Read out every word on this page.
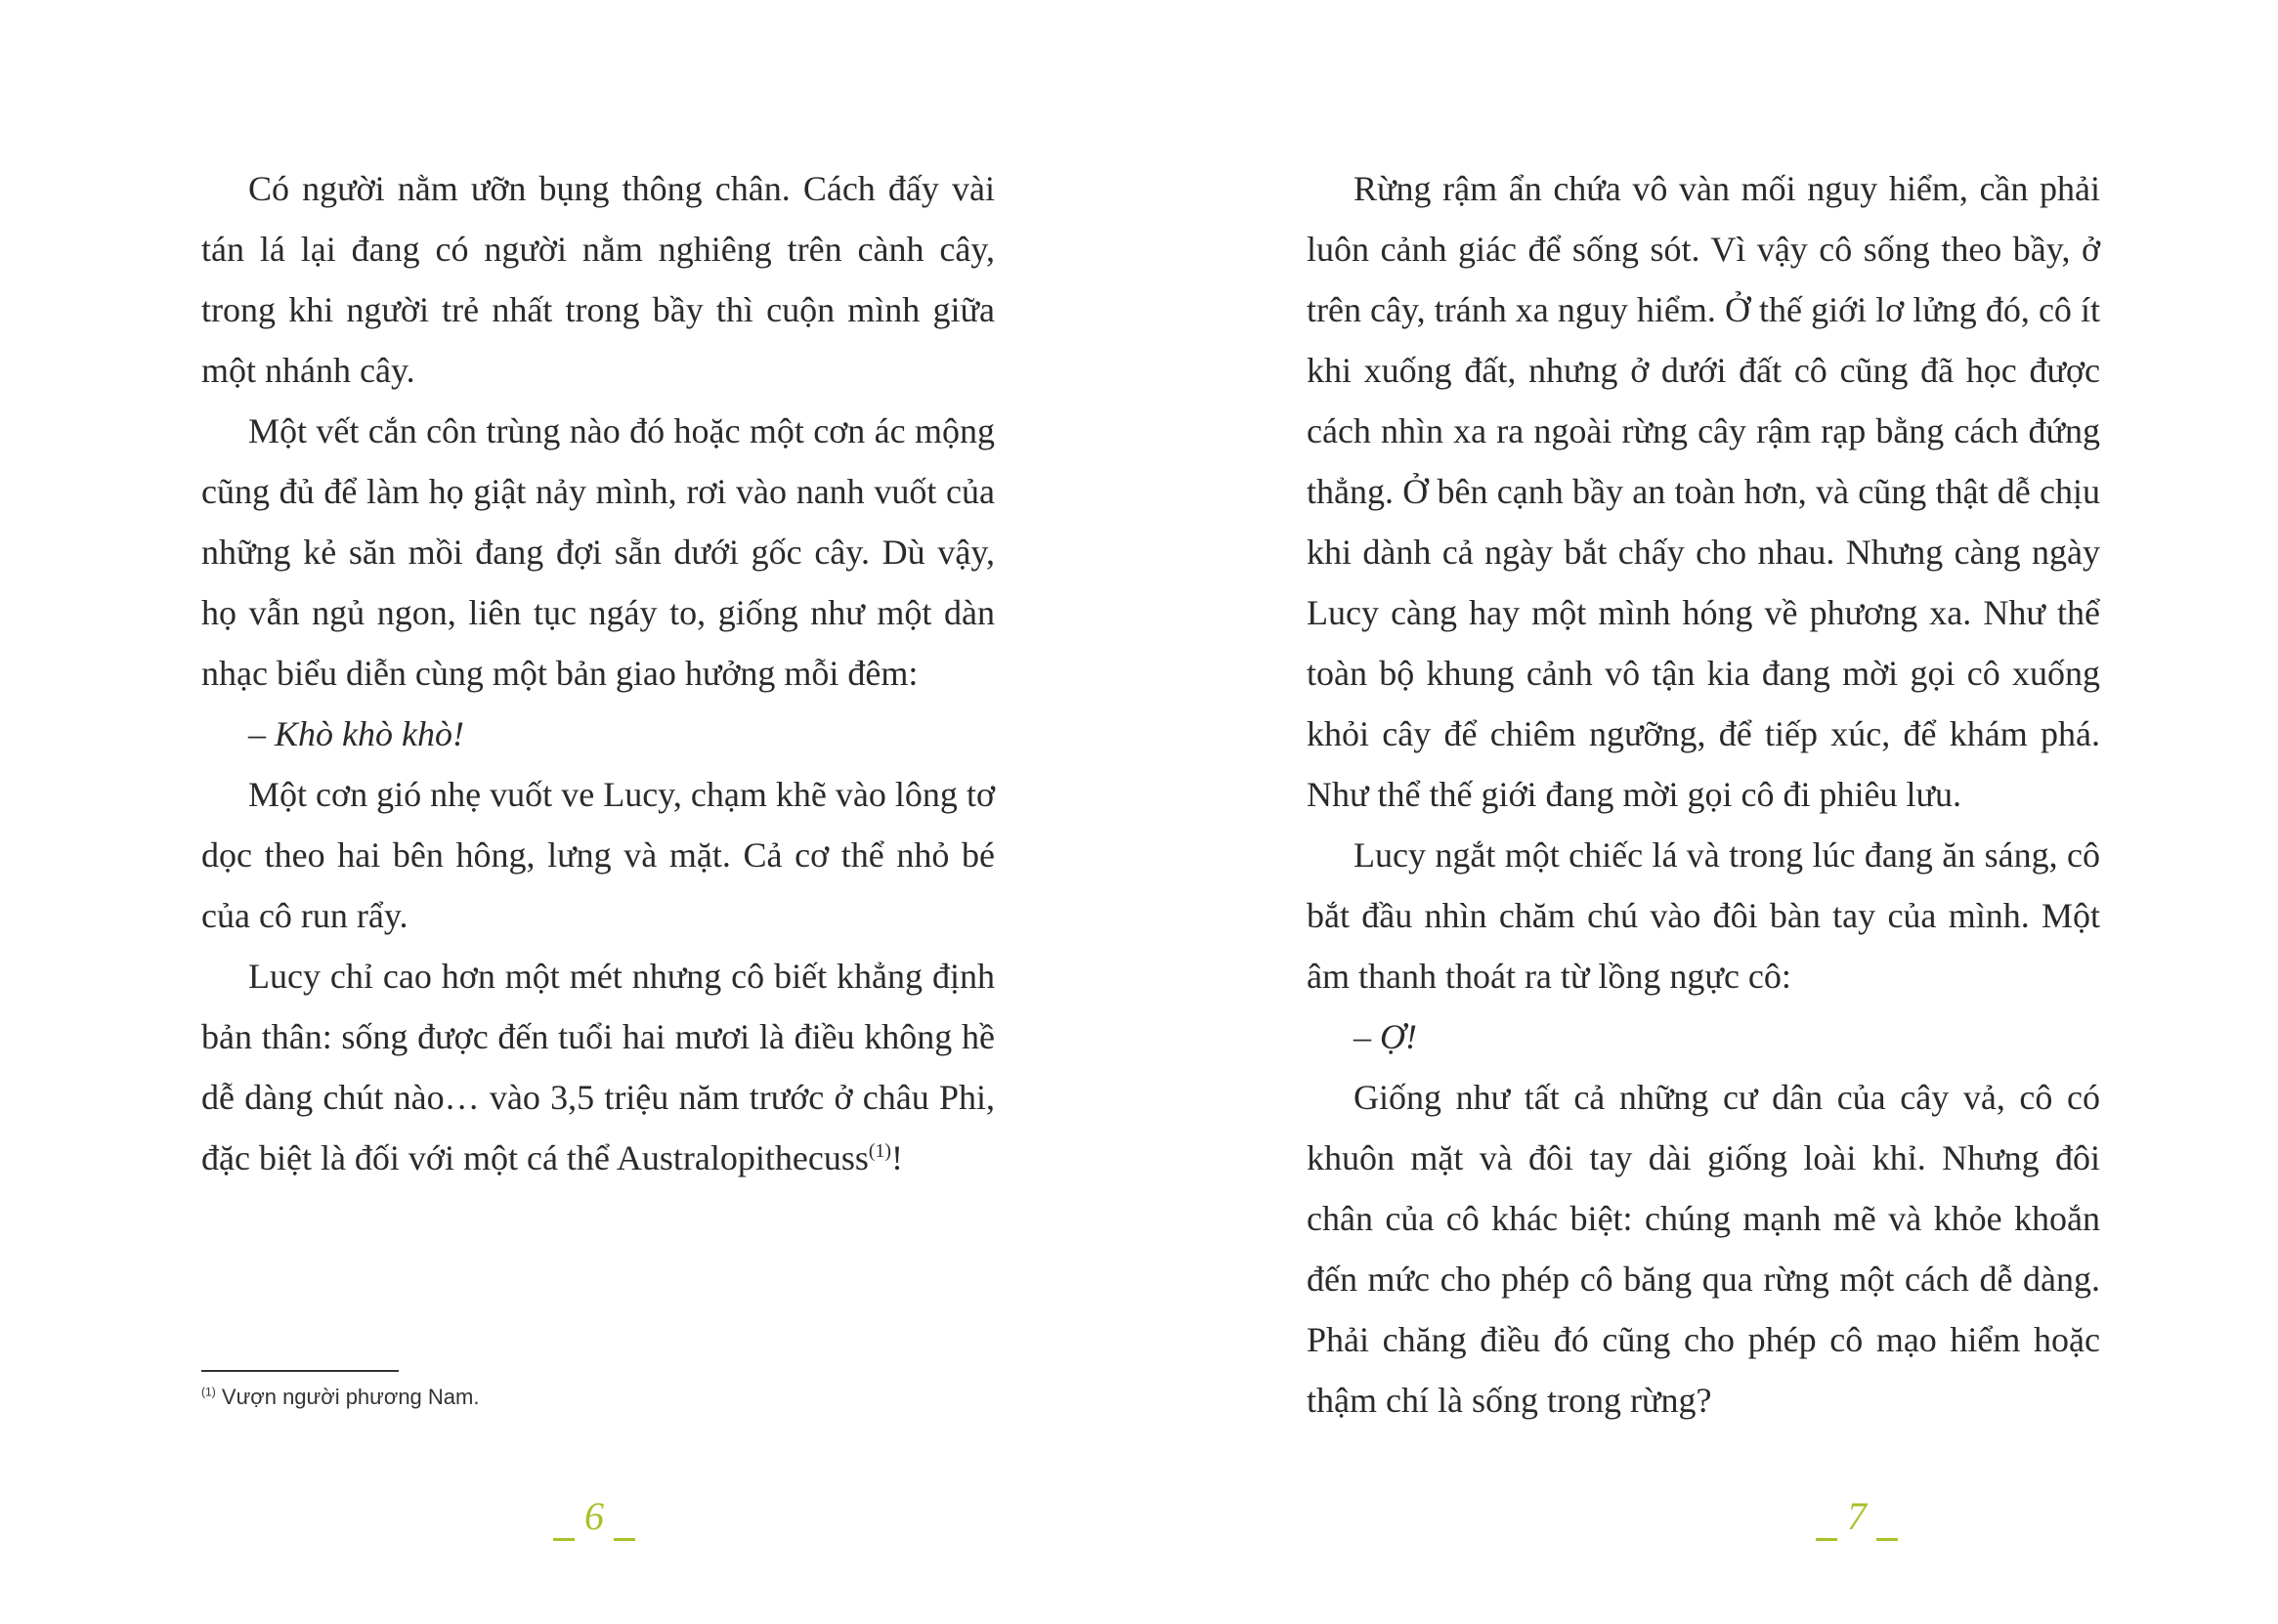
Có người nằm ưỡn bụng thông chân. Cách đấy vài tán lá lại đang có người nằm nghiêng trên cành cây, trong khi người trẻ nhất trong bầy thì cuộn mình giữa một nhánh cây.

Một vết cắn côn trùng nào đó hoặc một cơn ác mộng cũng đủ để làm họ giật nảy mình, rơi vào nanh vuốt của những kẻ săn mồi đang đợi sẵn dưới gốc cây. Dù vậy, họ vẫn ngủ ngon, liên tục ngáy to, giống như một dàn nhạc biểu diễn cùng một bản giao hưởng mỗi đêm:

– Khò khò khò!

Một cơn gió nhẹ vuốt ve Lucy, chạm khẽ vào lông tơ dọc theo hai bên hông, lưng và mặt. Cả cơ thể nhỏ bé của cô run rẩy.

Lucy chỉ cao hơn một mét nhưng cô biết khẳng định bản thân: sống được đến tuổi hai mươi là điều không hề dễ dàng chút nào… vào 3,5 triệu năm trước ở châu Phi, đặc biệt là đối với một cá thể Australopithecuss$^{(1)}$!

$^{(1)}$ Vượn người phương Nam.
6

Rừng rậm ẩn chứa vô vàn mối nguy hiểm, cần phải luôn cảnh giác để sống sót. Vì vậy cô sống theo bầy, ở trên cây, tránh xa nguy hiểm. Ở thế giới lơ lửng đó, cô ít khi xuống đất, nhưng ở dưới đất cô cũng đã học được cách nhìn xa ra ngoài rừng cây rậm rạp bằng cách đứng thẳng. Ở bên cạnh bầy an toàn hơn, và cũng thật dễ chịu khi dành cả ngày bắt chấy cho nhau. Nhưng càng ngày Lucy càng hay một mình hóng về phương xa. Như thể toàn bộ khung cảnh vô tận kia đang mời gọi cô xuống khỏi cây để chiêm ngưỡng, để tiếp xúc, để khám phá. Như thể thế giới đang mời gọi cô đi phiêu lưu.

Lucy ngắt một chiếc lá và trong lúc đang ăn sáng, cô bắt đầu nhìn chăm chú vào đôi bàn tay của mình. Một âm thanh thoát ra từ lồng ngực cô:

– Ợ!

Giống như tất cả những cư dân của cây vả, cô có khuôn mặt và đôi tay dài giống loài khỉ. Nhưng đôi chân của cô khác biệt: chúng mạnh mẽ và khỏe khoắn đến mức cho phép cô băng qua rừng một cách dễ dàng. Phải chăng điều đó cũng cho phép cô mạo hiểm hoặc thậm chí là sống trong rừng?

7
